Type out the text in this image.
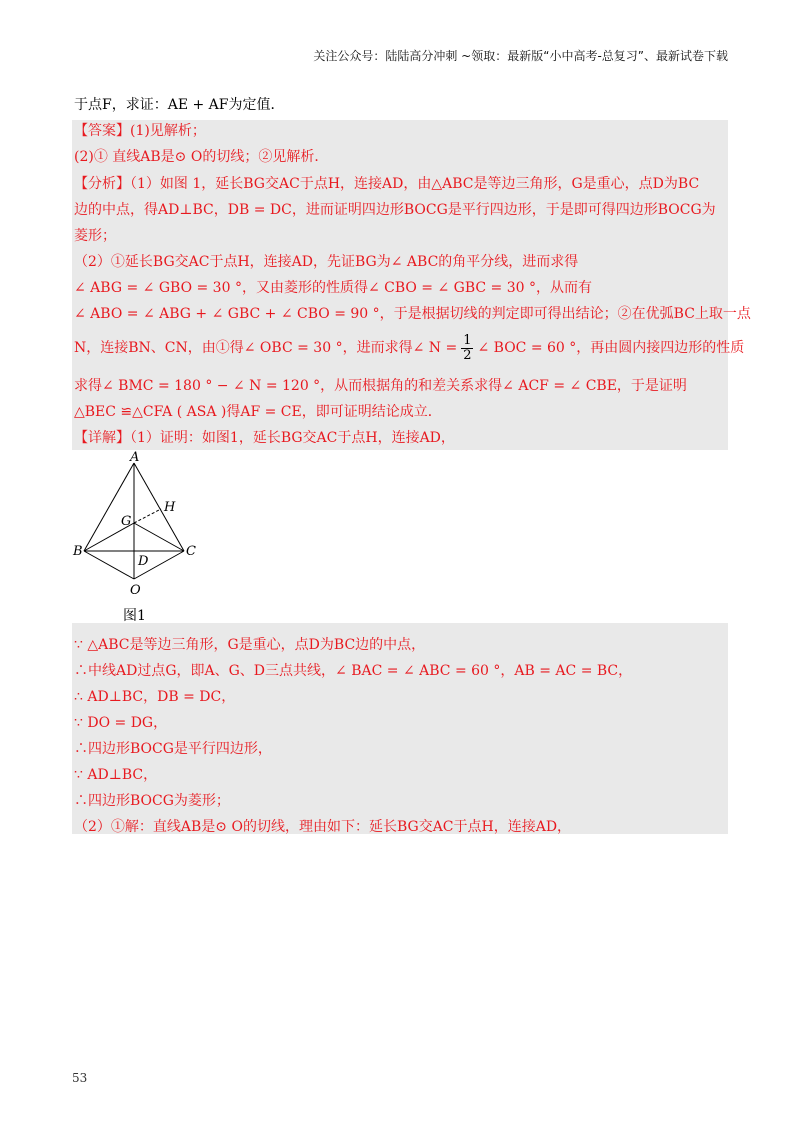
关注公众号：陆陆高分冲刺 ~领取：最新版“小中高考-总复习”、最新试卷下载
于点F，求证：AE + AF为定值．
【答案】(1)见解析；
(2)① 直线AB是⊙ O的切线；②见解析．
【分析】（1）如图 1，延长BG交AC于点H，连接AD，由△ABC是等边三角形，G是重心，点D为BC
边的中点，得AD⊥BC，DB = DC，进而证明四边形BOCG是平行四边形，于是即可得四边形BOCG为
菱形；
（2）①延长BG交AC于点H，连接AD，先证BG为∠ ABC的角平分线，进而求得
∠ ABG = ∠ GBO = 30 °，又由菱形的性质得∠ CBO = ∠ GBC = 30 °，从而有
∠ ABO = ∠ ABG + ∠ GBC + ∠ CBO = 90 °，于是根据切线的判定即可得出结论；②在优弧BC上取一点
N，连接BN、CN，由①得∠ OBC = 30 °，进而求得∠ $N = \frac{1}{2}$ ∠ BOC = 60 °，再由圆内接四边形的性质
求得∠ BMC = 180 ° − ∠ N = 120 °，从而根据角的和差关系求得∠ ACF = ∠ CBE，于是证明
△BEC ≌△CFA ( ASA )得AF = CE，即可证明结论成立．
【详解】（1）证明：如图1，延长BG交AC于点H，连接AD，
A
B	C
D
G
H
O
图1
∵ △ABC是等边三角形，G是重心，点D为BC边的中点，
∴中线AD过点G，即A、G、D三点共线，∠ BAC = ∠ ABC = 60 °，AB = AC = BC，
∴ AD⊥BC，DB = DC，
∵ DO = DG，
∴四边形BOCG是平行四边形，
∵ AD⊥BC，
∴四边形BOCG为菱形；
（2）①解：直线AB是⊙ O的切线，理由如下：延长BG交AC于点H，连接AD，
53
